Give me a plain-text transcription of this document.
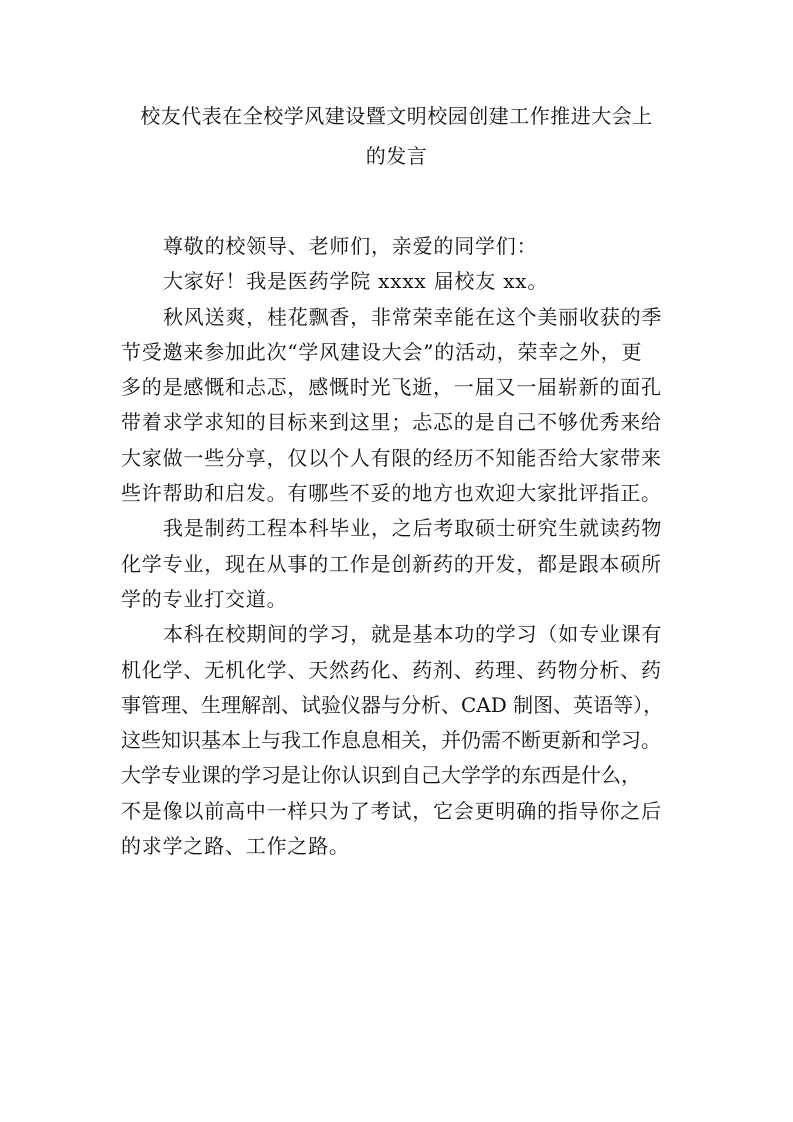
校友代表在全校学风建设暨文明校园创建工作推进大会上
的发言
尊敬的校领导、老师们，亲爱的同学们：
大家好！我是医药学院 xxxx 届校友 xx。
秋风送爽，桂花飘香，非常荣幸能在这个美丽收获的季
节受邀来参加此次“学风建设大会”的活动，荣幸之外，更
多的是感慨和忐忑，感慨时光飞逝，一届又一届崭新的面孔
带着求学求知的目标来到这里；忐忑的是自己不够优秀来给
大家做一些分享，仅以个人有限的经历不知能否给大家带来
些许帮助和启发。有哪些不妥的地方也欢迎大家批评指正。
我是制药工程本科毕业，之后考取硕士研究生就读药物
化学专业，现在从事的工作是创新药的开发，都是跟本硕所
学的专业打交道。
本科在校期间的学习，就是基本功的学习（如专业课有
机化学、无机化学、天然药化、药剂、药理、药物分析、药
事管理、生理解剖、试验仪器与分析、CAD 制图、英语等），
这些知识基本上与我工作息息相关，并仍需不断更新和学习。
大学专业课的学习是让你认识到自己大学学的东西是什么，
不是像以前高中一样只为了考试，它会更明确的指导你之后
的求学之路、工作之路。
